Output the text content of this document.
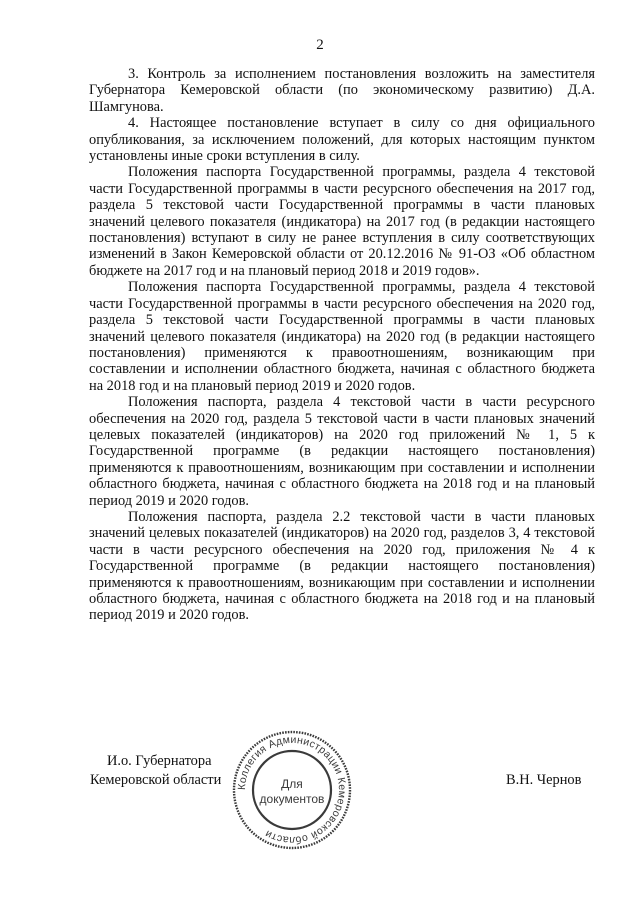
2

3. Контроль за исполнением постановления возложить на заместителя Губернатора Кемеровской области (по экономическому развитию) Д.А. Шамгунова.

4. Настоящее постановление вступает в силу со дня официального опубликования, за исключением положений, для которых настоящим пунктом установлены иные сроки вступления в силу.

Положения паспорта Государственной программы, раздела 4 текстовой части Государственной программы в части ресурсного обеспечения на 2017 год, раздела 5 текстовой части Государственной программы в части плановых значений целевого показателя (индикатора) на 2017 год (в редакции настоящего постановления) вступают в силу не ранее вступления в силу соответствующих изменений в Закон Кемеровской области от 20.12.2016 № 91-ОЗ «Об областном бюджете на 2017 год и на плановый период 2018 и 2019 годов».

Положения паспорта Государственной программы, раздела 4 текстовой части Государственной программы в части ресурсного обеспечения на 2020 год, раздела 5 текстовой части Государственной программы в части плановых значений целевого показателя (индикатора) на 2020 год (в редакции настоящего постановления) применяются к правоотношениям, возникающим при составлении и исполнении областного бюджета, начиная с областного бюджета на 2018 год и на плановый период 2019 и 2020 годов.

Положения паспорта, раздела 4 текстовой части в части ресурсного обеспечения на 2020 год, раздела 5 текстовой части в части плановых значений целевых показателей (индикаторов) на 2020 год приложений № 1, 5 к Государственной программе (в редакции настоящего постановления) применяются к правоотношениям, возникающим при составлении и исполнении областного бюджета, начиная с областного бюджета на 2018 год и на плановый период 2019 и 2020 годов.

Положения паспорта, раздела 2.2 текстовой части в части плановых значений целевых показателей (индикаторов) на 2020 год, разделов 3, 4 текстовой части в части ресурсного обеспечения на 2020 год, приложения № 4 к Государственной программе (в редакции настоящего постановления) применяются к правоотношениям, возникающим при составлении и исполнении областного бюджета, начиная с областного бюджета на 2018 год и на плановый период 2019 и 2020 годов.

И.о. Губернатора
Кемеровской области	В.Н. Чернов
Коллегия Администрации Кемеровской области
Для
документов
